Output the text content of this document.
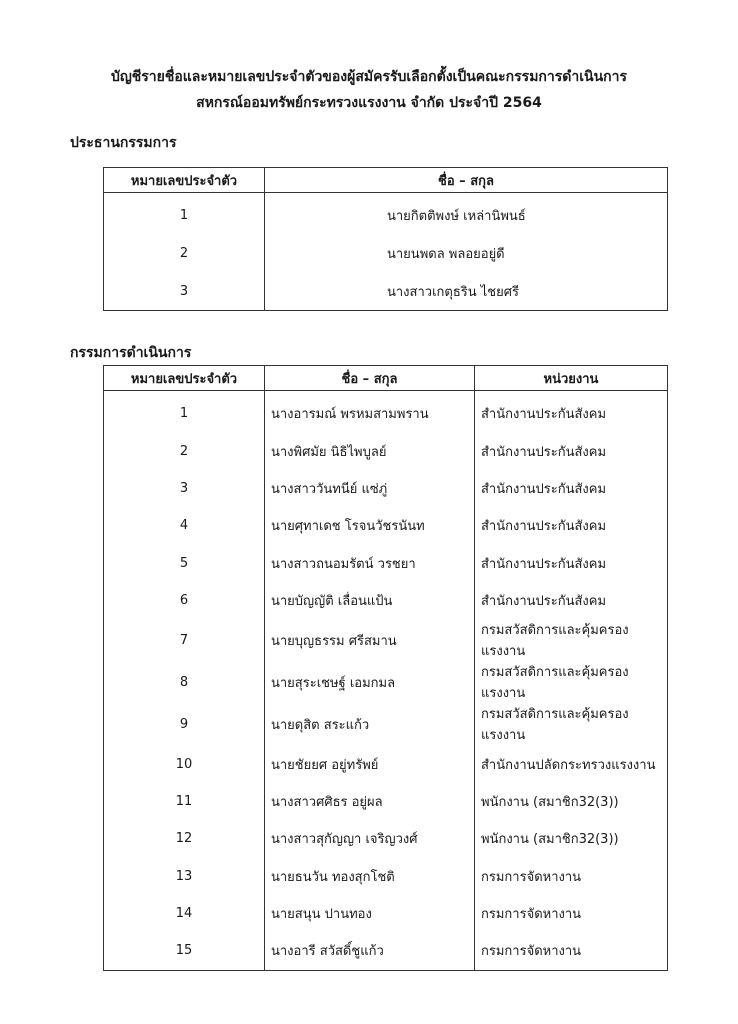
บัญชีรายชื่อและหมายเลขประจำตัวของผู้สมัครรับเลือกตั้งเป็นคณะกรรมการดำเนินการ
สหกรณ์ออมทรัพย์กระทรวงแรงงาน จำกัด ประจำปี 2564
ประธานกรรมการ
หมายเลขประจำตัว	ชื่อ – สกุล
1	นายกิตติพงษ์ เหล่านิพนธ์
2	นายนพดล พลอยอยู่ดี
3	นางสาวเกตุธริน ไชยศรี
กรรมการดำเนินการ
หมายเลขประจำตัว	ชื่อ – สกุล	หน่วยงาน
1	นางอารมณ์ พรหมสามพราน	สำนักงานประกันสังคม
2	นางพิศมัย นิธิไพบูลย์	สำนักงานประกันสังคม
3	นางสาววันทนีย์ แซ่ภู่	สำนักงานประกันสังคม
4	นายศุทาเดช โรจนวัชรนันท	สำนักงานประกันสังคม
5	นางสาวถนอมรัตน์ วรชยา	สำนักงานประกันสังคม
6	นายบัญญัติ เลื่อนแป้น	สำนักงานประกันสังคม
7	นายบุญธรรม ศรีสมาน	กรมสวัสดิการและคุ้มครองแรงงาน
8	นายสุระเชษฐ์ เอมกมล	กรมสวัสดิการและคุ้มครองแรงงาน
9	นายดุสิต สระแก้ว	กรมสวัสดิการและคุ้มครองแรงงาน
10	นายชัยยศ อยู่ทรัพย์	สำนักงานปลัดกระทรวงแรงงาน
11	นางสาวศศิธร อยู่ผล	พนักงาน (สมาชิก32(3))
12	นางสาวสุกัญญา เจริญวงศ์	พนักงาน (สมาชิก32(3))
13	นายธนวัน ทองสุกโชติ	กรมการจัดหางาน
14	นายสนุน ปานทอง	กรมการจัดหางาน
15	นางอารี สวัสดิ์ชูแก้ว	กรมการจัดหางาน
